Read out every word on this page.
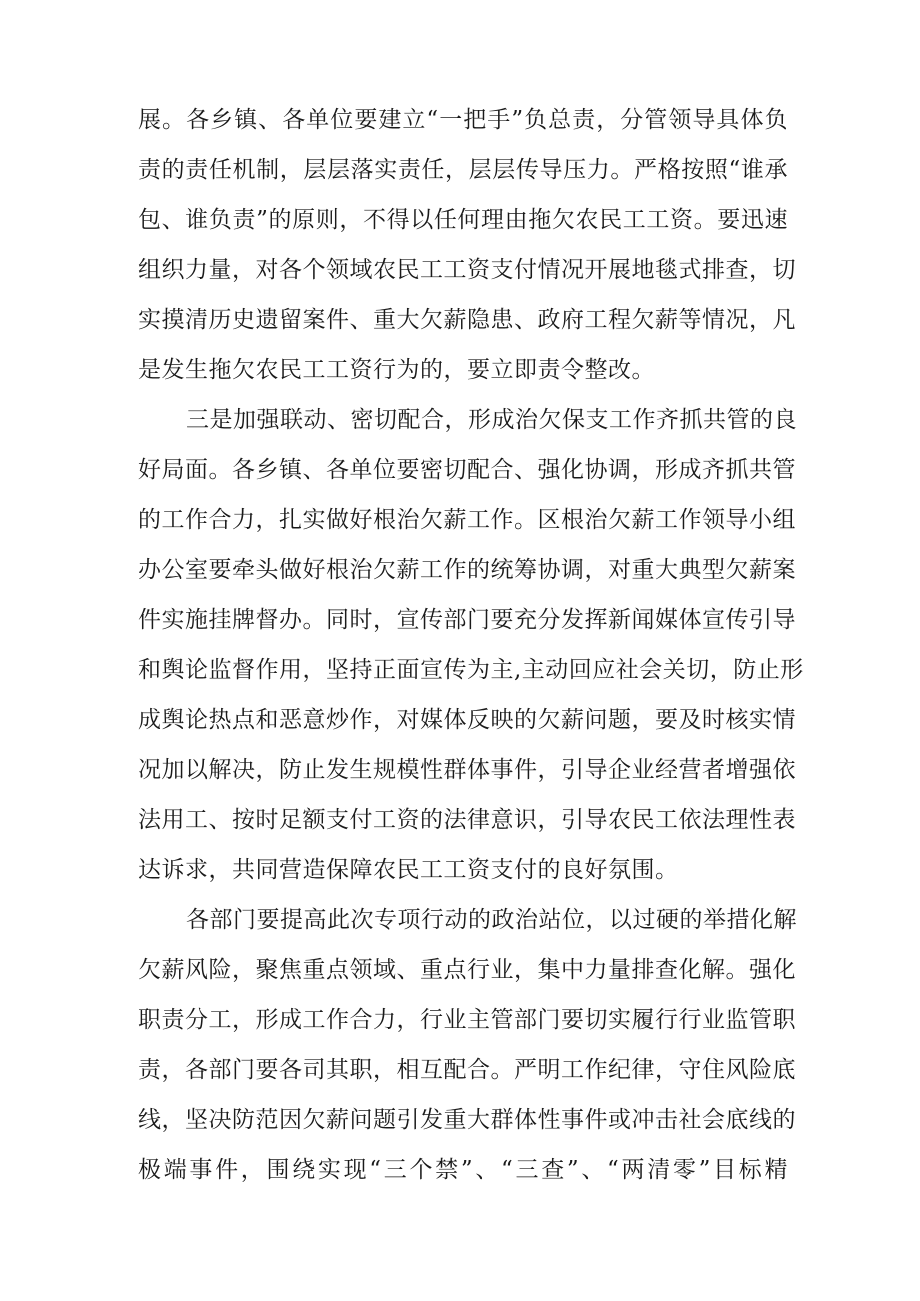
展。各乡镇、各单位要建立“一把手”负总责，分管领导具体负
责的责任机制，层层落实责任，层层传导压力。严格按照“谁承
包、谁负责”的原则，不得以任何理由拖欠农民工工资。要迅速
组织力量，对各个领域农民工工资支付情况开展地毯式排查，切
实摸清历史遗留案件、重大欠薪隐患、政府工程欠薪等情况，凡
是发生拖欠农民工工资行为的，要立即责令整改。
三是加强联动、密切配合，形成治欠保支工作齐抓共管的良
好局面。各乡镇、各单位要密切配合、强化协调，形成齐抓共管
的工作合力，扎实做好根治欠薪工作。区根治欠薪工作领导小组
办公室要牵头做好根治欠薪工作的统筹协调，对重大典型欠薪案
件实施挂牌督办。同时，宣传部门要充分发挥新闻媒体宣传引导
和舆论监督作用，坚持正面宣传为主,主动回应社会关切，防止形
成舆论热点和恶意炒作，对媒体反映的欠薪问题，要及时核实情
况加以解决，防止发生规模性群体事件，引导企业经营者增强依
法用工、按时足额支付工资的法律意识，引导农民工依法理性表
达诉求，共同营造保障农民工工资支付的良好氛围。
各部门要提高此次专项行动的政治站位，以过硬的举措化解
欠薪风险，聚焦重点领域、重点行业，集中力量排查化解。强化
职责分工，形成工作合力，行业主管部门要切实履行行业监管职
责，各部门要各司其职，相互配合。严明工作纪律，守住风险底
线，坚决防范因欠薪问题引发重大群体性事件或冲击社会底线的
极端事件，围绕实现“三个禁”、“三查”、“两清零”目标精
